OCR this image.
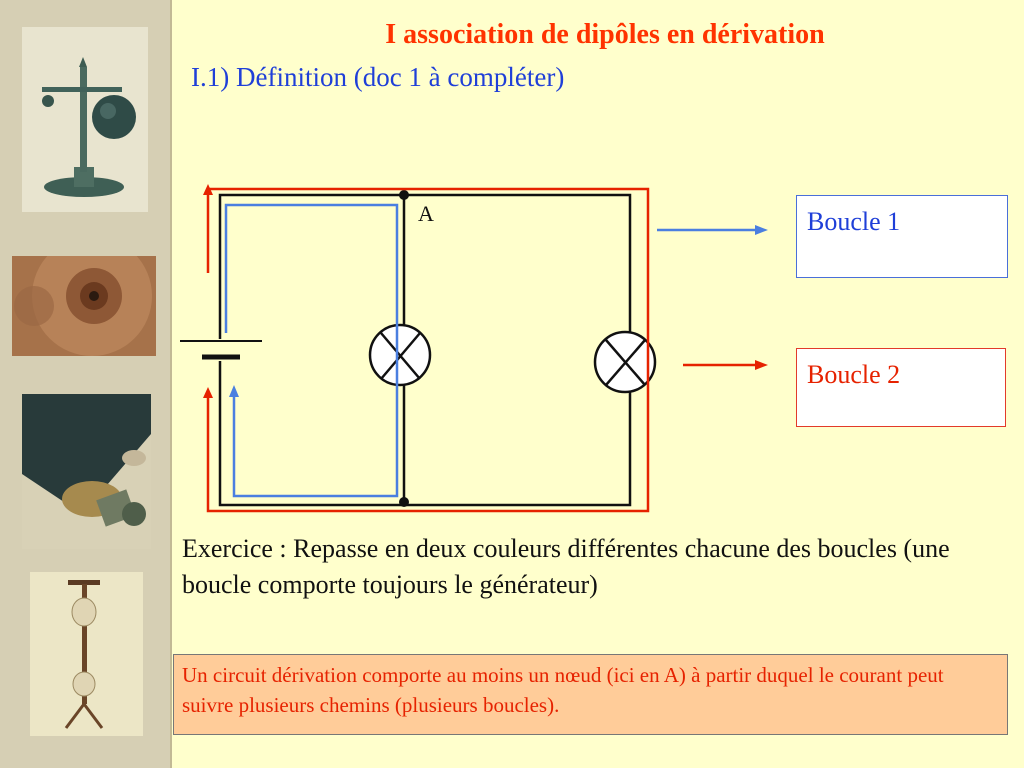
I association de dipôles en dérivation
I.1) Définition (doc 1 à compléter)
A	Boucle 1
Boucle 2
Exercice : Repasse en deux couleurs différentes chacune des boucles (une boucle comporte toujours le générateur)
Un circuit dérivation comporte au moins un nœud (ici en A) à partir duquel le courant peut suivre plusieurs chemins (plusieurs boucles).
